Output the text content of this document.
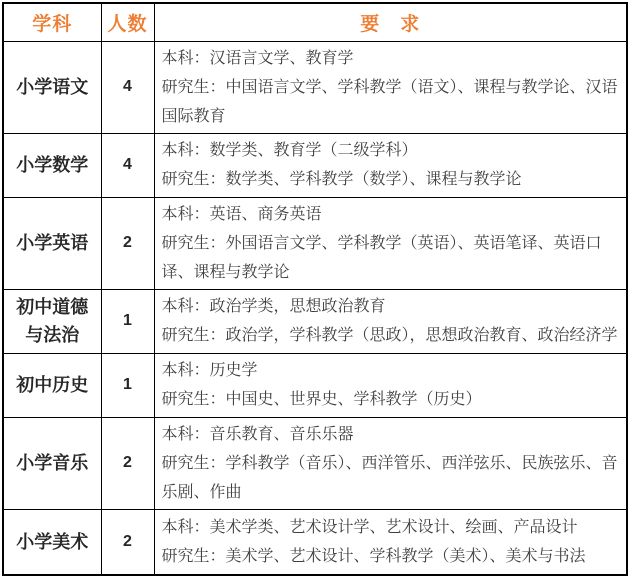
学科	人数	要　求
小学语文	4	本科：汉语言文学、教育学

研究生：中国语言文学、学科教学（语文）、课程与教学论、汉语国际教育

小学数学	4	本科：数学类、教育学（二级学科）

研究生：数学类、学科教学（数学）、课程与教学论

小学英语	2	本科：英语、商务英语

研究生：外国语言文学、学科教学（英语）、英语笔译、英语口译、课程与教学论

初中道德与法治	1	本科：政治学类，思想政治教育

研究生：政治学，学科教学（思政），思想政治教育、政治经济学

初中历史	1	本科：历史学

研究生：中国史、世界史、学科教学（历史）

小学音乐	2	本科：音乐教育、音乐乐器

研究生：学科教学（音乐）、西洋管乐、西洋弦乐、民族弦乐、音乐剧、作曲

小学美术	2	本科：美术学类、艺术设计学、艺术设计、绘画、产品设计

研究生：美术学、艺术设计、学科教学（美术）、美术与书法
